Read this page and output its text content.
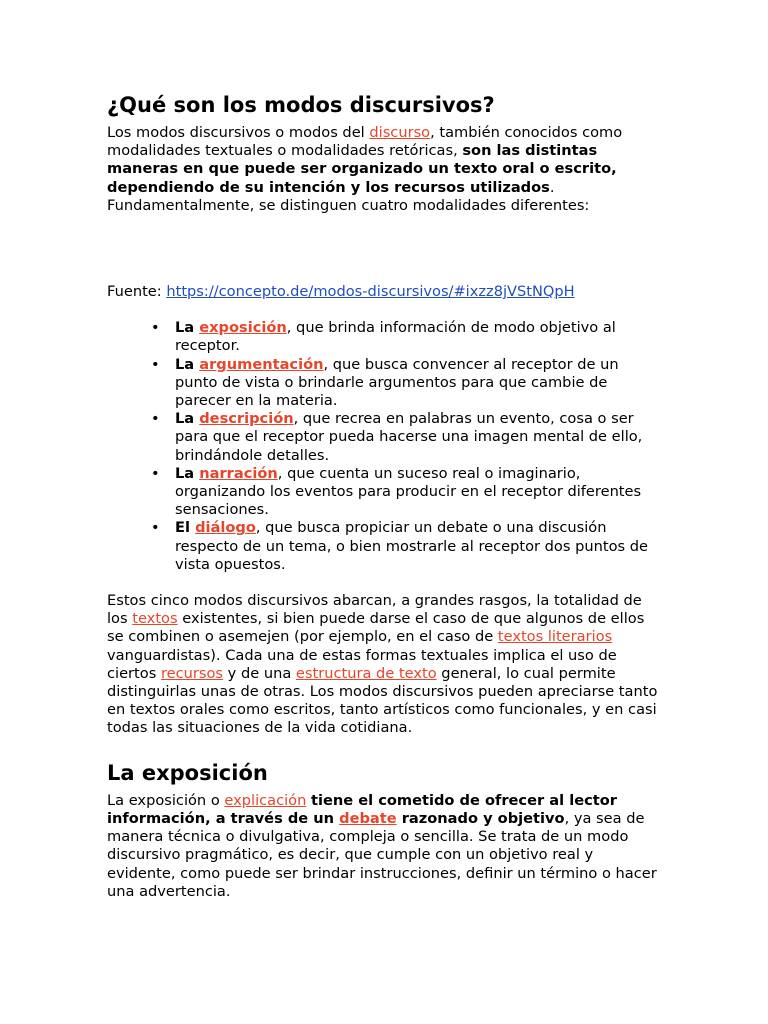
¿Qué son los modos discursivos?

Los modos discursivos o modos del discurso, también conocidos como modalidades textuales o modalidades retóricas, son las distintas maneras en que puede ser organizado un texto oral o escrito, dependiendo de su intención y los recursos utilizados. Fundamentalmente, se distinguen cuatro modalidades diferentes:

Fuente: https://concepto.de/modos-discursivos/#ixzz8jVStNQpH

• La exposición, que brinda información de modo objetivo al receptor.
• La argumentación, que busca convencer al receptor de un punto de vista o brindarle argumentos para que cambie de parecer en la materia.
• La descripción, que recrea en palabras un evento, cosa o ser para que el receptor pueda hacerse una imagen mental de ello, brindándole detalles.
• La narración, que cuenta un suceso real o imaginario, organizando los eventos para producir en el receptor diferentes sensaciones.
• El diálogo, que busca propiciar un debate o una discusión respecto de un tema, o bien mostrarle al receptor dos puntos de vista opuestos.

Estos cinco modos discursivos abarcan, a grandes rasgos, la totalidad de los textos existentes, si bien puede darse el caso de que algunos de ellos se combinen o asemejen (por ejemplo, en el caso de textos literarios vanguardistas). Cada una de estas formas textuales implica el uso de ciertos recursos y de una estructura de texto general, lo cual permite distinguirlas unas de otras. Los modos discursivos pueden apreciarse tanto en textos orales como escritos, tanto artísticos como funcionales, y en casi todas las situaciones de la vida cotidiana.

La exposición

La exposición o explicación tiene el cometido de ofrecer al lector información, a través de un debate razonado y objetivo, ya sea de manera técnica o divulgativa, compleja o sencilla. Se trata de un modo discursivo pragmático, es decir, que cumple con un objetivo real y evidente, como puede ser brindar instrucciones, definir un término o hacer una advertencia.
